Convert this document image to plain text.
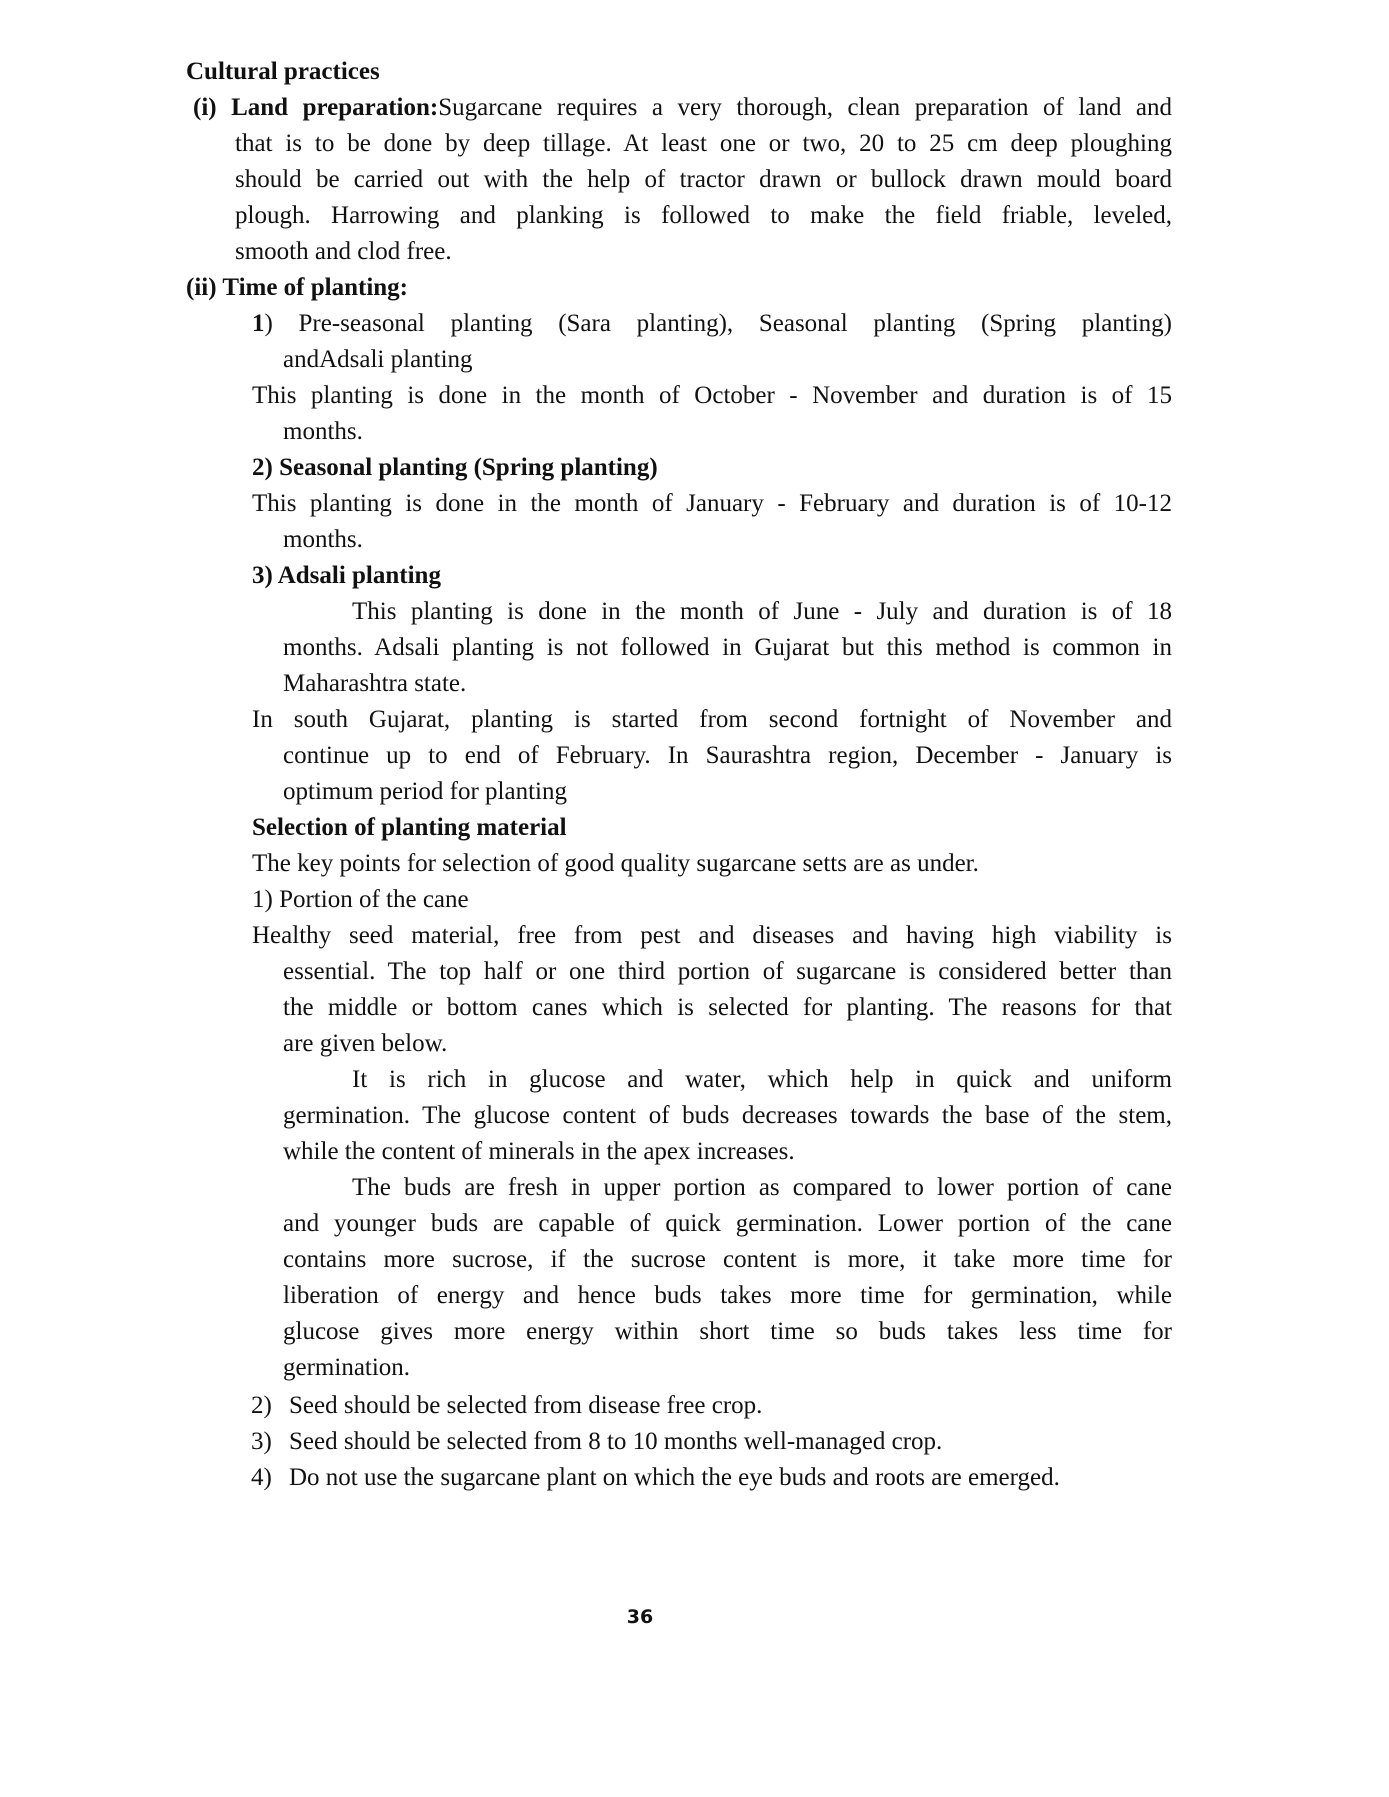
Cultural practices
(i) Land preparation:Sugarcane requires a very thorough, clean preparation of land and
that is to be done by deep tillage. At least one or two, 20 to 25 cm deep ploughing
should be carried out with the help of tractor drawn or bullock drawn mould board
plough. Harrowing and planking is followed to make the field friable, leveled,
smooth and clod free.
(ii) Time of planting:
1) Pre-seasonal planting (Sara planting), Seasonal planting (Spring planting)
andAdsali planting
This planting is done in the month of October - November and duration is of 15
months.
2) Seasonal planting (Spring planting)
This planting is done in the month of January - February and duration is of 10-12
months.
3) Adsali planting
This planting is done in the month of June - July and duration is of 18
months. Adsali planting is not followed in Gujarat but this method is common in
Maharashtra state.
In south Gujarat, planting is started from second fortnight of November and
continue up to end of February. In Saurashtra region, December - January is
optimum period for planting
Selection of planting material
The key points for selection of good quality sugarcane setts are as under.
1) Portion of the cane
Healthy seed material, free from pest and diseases and having high viability is
essential. The top half or one third portion of sugarcane is considered better than
the middle or bottom canes which is selected for planting. The reasons for that
are given below.
It is rich in glucose and water, which help in quick and uniform
germination. The glucose content of buds decreases towards the base of the stem,
while the content of minerals in the apex increases.
The buds are fresh in upper portion as compared to lower portion of cane
and younger buds are capable of quick germination. Lower portion of the cane
contains more sucrose, if the sucrose content is more, it take more time for
liberation of energy and hence buds takes more time for germination, while
glucose gives more energy within short time so buds takes less time for
germination.
2) Seed should be selected from disease free crop.
3) Seed should be selected from 8 to 10 months well-managed crop.
4) Do not use the sugarcane plant on which the eye buds and roots are emerged.
36
